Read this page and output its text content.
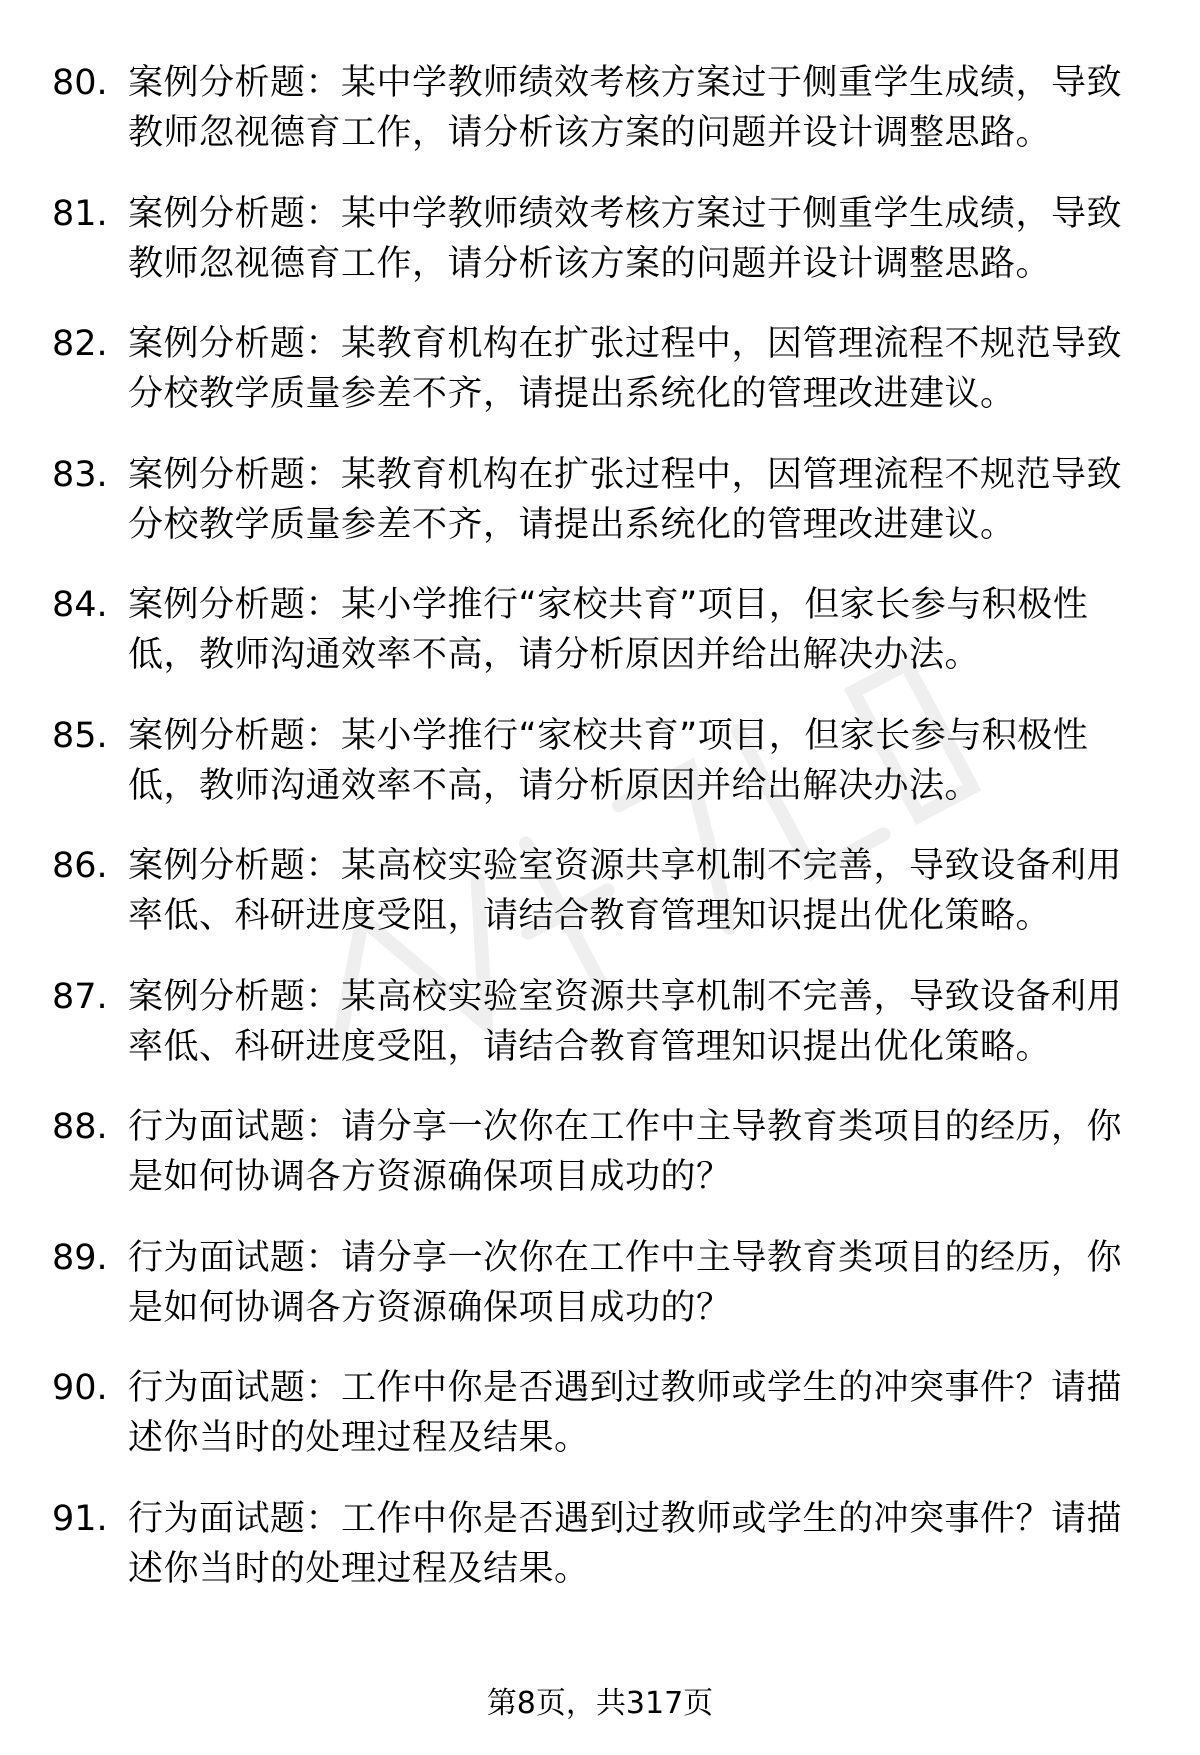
80. 案例分析题：某中学教师绩效考核方案过于侧重学生成绩，导致
教师忽视德育工作，请分析该方案的问题并设计调整思路。
81. 案例分析题：某中学教师绩效考核方案过于侧重学生成绩，导致
教师忽视德育工作，请分析该方案的问题并设计调整思路。
82. 案例分析题：某教育机构在扩张过程中，因管理流程不规范导致
分校教学质量参差不齐，请提出系统化的管理改进建议。
83. 案例分析题：某教育机构在扩张过程中，因管理流程不规范导致
分校教学质量参差不齐，请提出系统化的管理改进建议。
84. 案例分析题：某小学推行“家校共育”项目，但家长参与积极性
低，教师沟通效率不高，请分析原因并给出解决办法。
85. 案例分析题：某小学推行“家校共育”项目，但家长参与积极性
低，教师沟通效率不高，请分析原因并给出解决办法。
86. 案例分析题：某高校实验室资源共享机制不完善，导致设备利用
率低、科研进度受阻，请结合教育管理知识提出优化策略。
87. 案例分析题：某高校实验室资源共享机制不完善，导致设备利用
率低、科研进度受阻，请结合教育管理知识提出优化策略。
88. 行为面试题：请分享一次你在工作中主导教育类项目的经历，你
是如何协调各方资源确保项目成功的？
89. 行为面试题：请分享一次你在工作中主导教育类项目的经历，你
是如何协调各方资源确保项目成功的？
90. 行为面试题：工作中你是否遇到过教师或学生的冲突事件？请描
述你当时的处理过程及结果。
91. 行为面试题：工作中你是否遇到过教师或学生的冲突事件？请描
述你当时的处理过程及结果。
第8页，共317页
